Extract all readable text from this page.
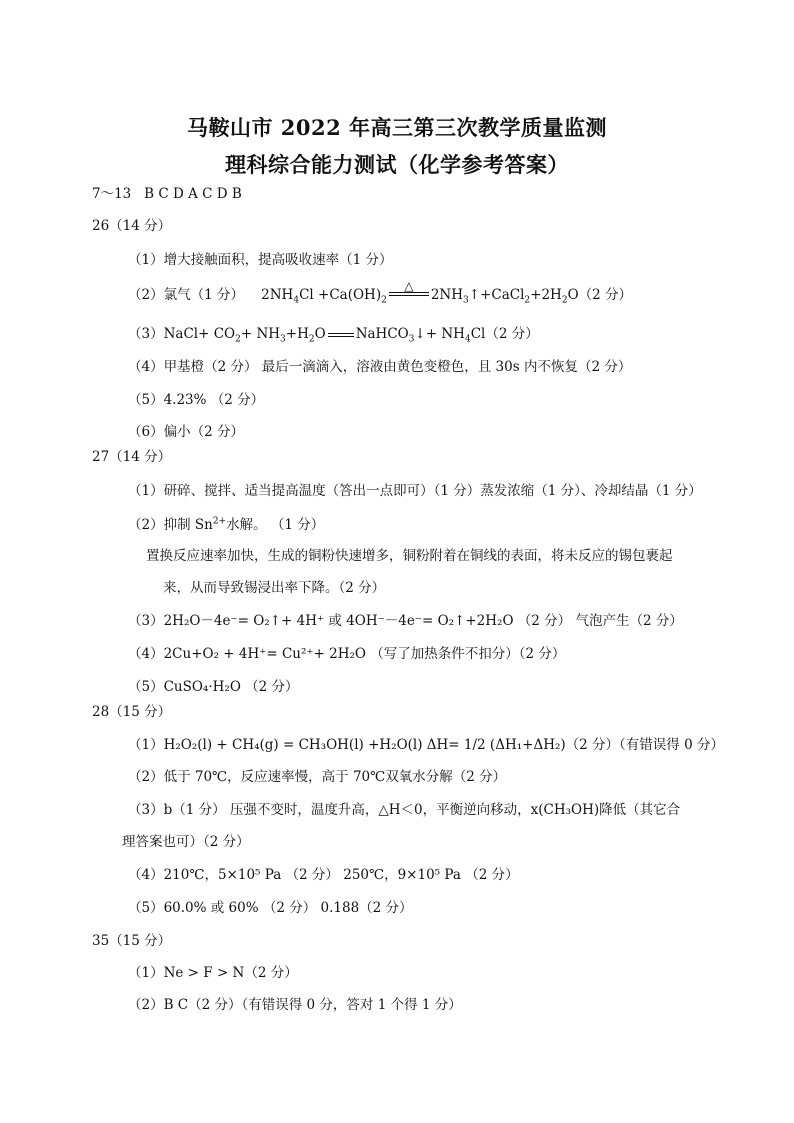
马鞍山市 2022 年高三第三次教学质量监测
理科综合能力测试（化学参考答案）
7～13 B C D A C D B
26（14 分）
（1）增大接触面积，提高吸收速率（1 分）
（2）氯气（1 分） $2NH_4Cl +Ca(OH)_2$
△
$2NH_3↑+CaCl_2+2H_2O(2$ 分）
（3）NaCl+ $CO_2+ NH_3+H_2O$ NaHCO$_3$↓+ $NH_4Cl(2$ 分）
（4）甲基橙（2 分） 最后一滴滴入，溶液由黄色变橙色，且 30s 内不恢复（2 分）
（5）4.23% （2 分）
（6）偏小（2 分）
27（14 分）
（1）研碎、搅拌、适当提高温度（答出一点即可）（1 分）蒸发浓缩（1 分）、冷却结晶（1 分）
（2）抑制 $Sn^{2+}$水解。 （1 分）
置换反应速率加快，生成的铜粉快速增多，铜粉附着在铜线的表面，将未反应的锡包裹起
来，从而导致锡浸出率下降。（2 分）
（3）2H₂O－4e⁻= O₂↑+ 4H⁺ 或 4OH⁻－4e⁻= O₂↑+2H₂O （2 分） 气泡产生（2 分）
（4）2Cu+O₂ + 4H⁺= Cu²⁺+ 2H₂O （写了加热条件不扣分）（2 分）
（5）CuSO₄·H₂O （2 分）
28（15 分）
（1）H₂O₂(l) + CH₄(g) = CH₃OH(l) +H₂O(l) ΔH= 1/2 (ΔH₁+ΔH₂)（2 分）（有错误得 0 分）
（2）低于 70℃，反应速率慢，高于 70℃双氧水分解（2 分）
（3）b（1 分） 压强不变时，温度升高，△H＜0，平衡逆向移动，x(CH₃OH)降低（其它合
理答案也可）（2 分）
（4）210℃，5×10⁵ Pa （2 分） 250℃，9×10⁵ Pa （2 分）
（5）60.0% 或 60% （2 分） 0.188（2 分）
35（15 分）
（1）Ne > F > N（2 分）
（2）B C（2 分）（有错误得 0 分，答对 1 个得 1 分）
